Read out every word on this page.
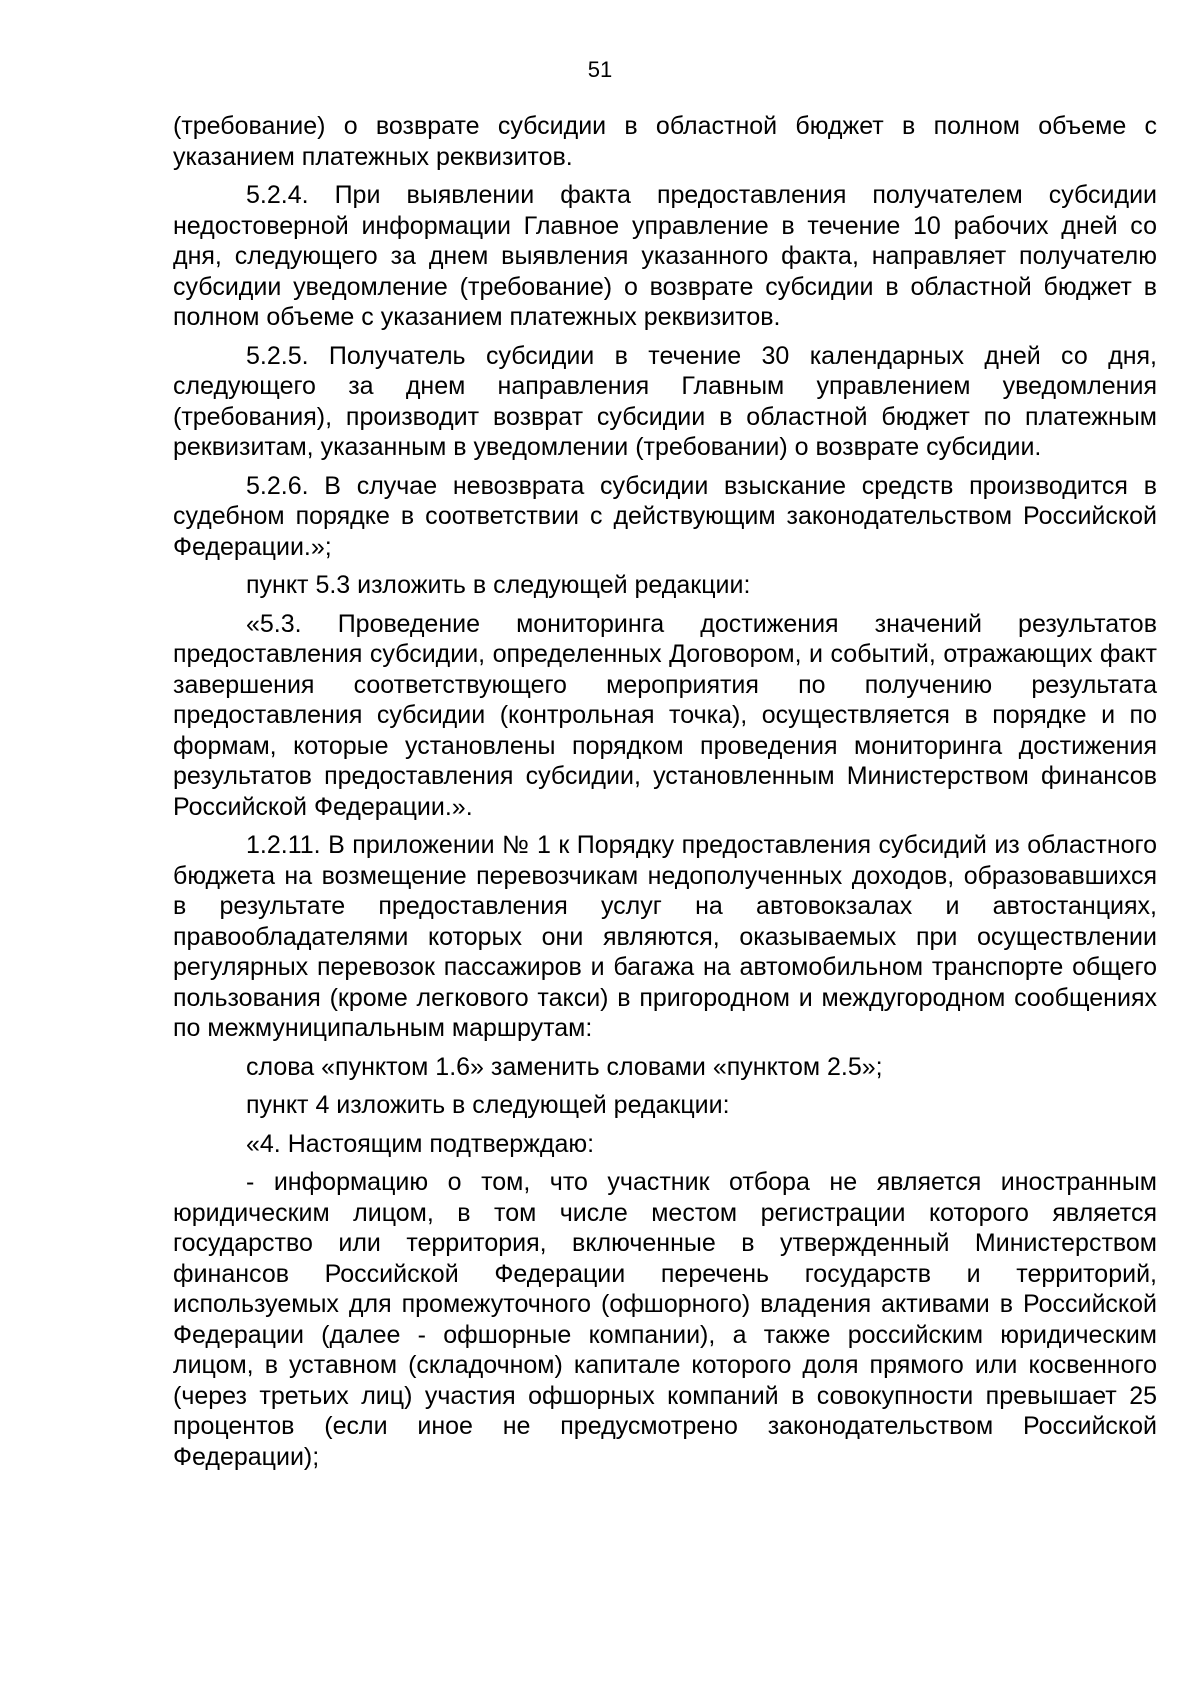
51

(требование) о возврате субсидии в областной бюджет в полном объеме с указанием платежных реквизитов.

5.2.4. При выявлении факта предоставления получателем субсидии недостоверной информации Главное управление в течение 10 рабочих дней со дня, следующего за днем выявления указанного факта, направляет получателю субсидии уведомление (требование) о возврате субсидии в областной бюджет в полном объеме с указанием платежных реквизитов.

5.2.5. Получатель субсидии в течение 30 календарных дней со дня, следующего за днем направления Главным управлением уведомления (требования), производит возврат субсидии в областной бюджет по платежным реквизитам, указанным в уведомлении (требовании) о возврате субсидии.

5.2.6. В случае невозврата субсидии взыскание средств производится в судебном порядке в соответствии с действующим законодательством Российской Федерации.»;

пункт 5.3 изложить в следующей редакции:

«5.3. Проведение мониторинга достижения значений результатов предоставления субсидии, определенных Договором, и событий, отражающих факт завершения соответствующего мероприятия по получению результата предоставления субсидии (контрольная точка), осуществляется в порядке и по формам, которые установлены порядком проведения мониторинга достижения результатов предоставления субсидии, установленным Министерством финансов Российской Федерации.».

1.2.11. В приложении № 1 к Порядку предоставления субсидий из областного бюджета на возмещение перевозчикам недополученных доходов, образовавшихся в результате предоставления услуг на автовокзалах и автостанциях, правообладателями которых они являются, оказываемых при осуществлении регулярных перевозок пассажиров и багажа на автомобильном транспорте общего пользования (кроме легкового такси) в пригородном и междугородном сообщениях по межмуниципальным маршрутам:

слова «пунктом 1.6» заменить словами «пунктом 2.5»;

пункт 4 изложить в следующей редакции:

«4. Настоящим подтверждаю:

- информацию о том, что участник отбора не является иностранным юридическим лицом, в том числе местом регистрации которого является государство или территория, включенные в утвержденный Министерством финансов Российской Федерации перечень государств и территорий, используемых для промежуточного (офшорного) владения активами в Российской Федерации (далее - офшорные компании), а также российским юридическим лицом, в уставном (складочном) капитале которого доля прямого или косвенного (через третьих лиц) участия офшорных компаний в совокупности превышает 25 процентов (если иное не предусмотрено законодательством Российской Федерации);
